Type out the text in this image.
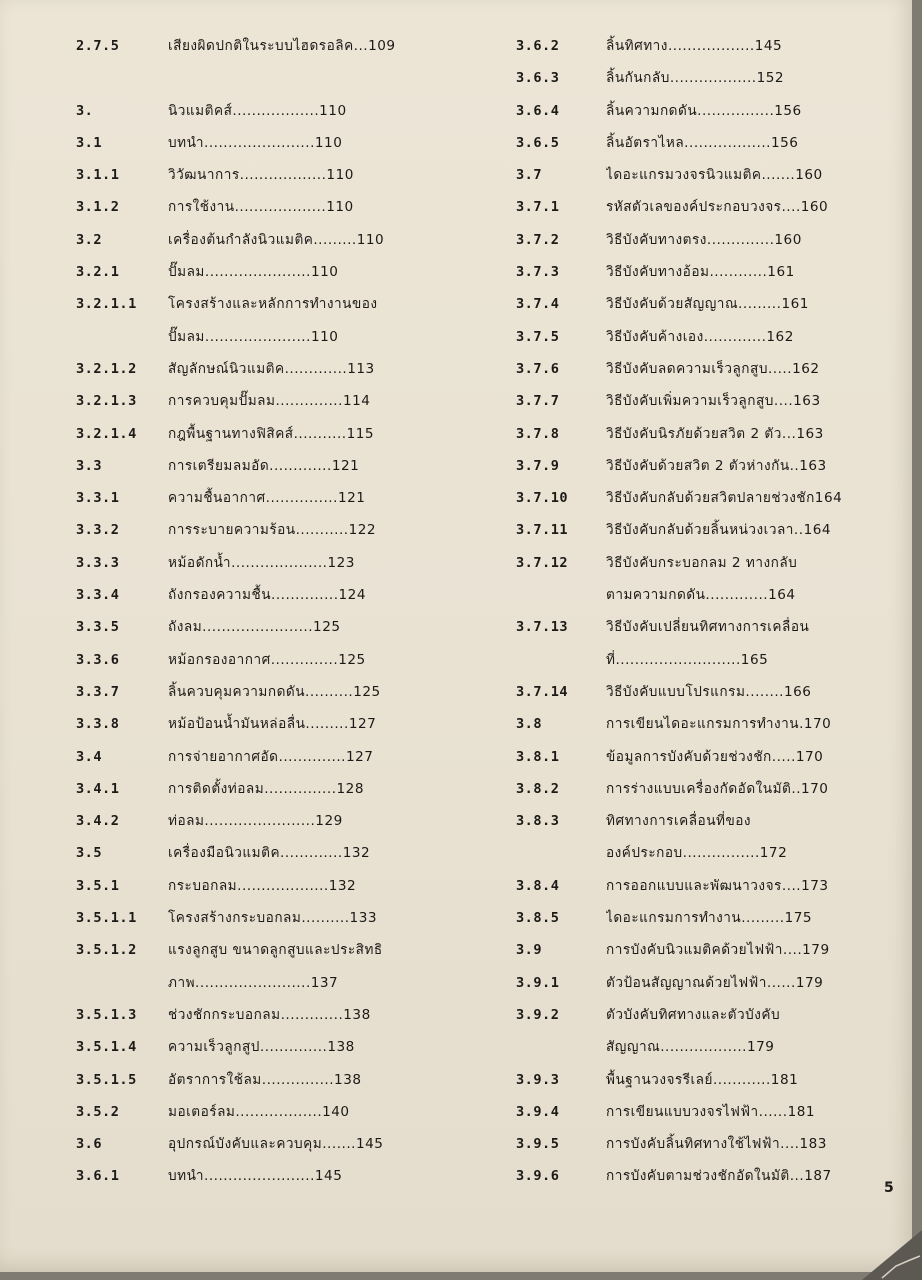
2.7.5	เสียงผิดปกติในระบบไฮดรอลิค...109
3.	นิวแมติคส์..................110
3.1	บทนำ.......................110
3.1.1	วิวัฒนาการ..................110
3.1.2	การใช้งาน...................110
3.2	เครื่องต้นกำลังนิวแมติค.........110
3.2.1	ปั๊มลม......................110
3.2.1.1	โครงสร้างและหลักการทำงานของ
ปั๊มลม......................110
3.2.1.2	สัญลักษณ์นิวแมติค.............113
3.2.1.3	การควบคุมปั๊มลม..............114
3.2.1.4	กฎพื้นฐานทางฟิสิคส์...........115
3.3	การเตรียมลมอัด.............121
3.3.1	ความชื้นอากาศ...............121
3.3.2	การระบายความร้อน...........122
3.3.3	หม้อดักน้ำ....................123
3.3.4	ถังกรองความชื้น..............124
3.3.5	ถังลม.......................125
3.3.6	หม้อกรองอากาศ..............125
3.3.7	ลิ้นควบคุมความกดดัน..........125
3.3.8	หม้อป้อนน้ำมันหล่อลื่น.........127
3.4	การจ่ายอากาศอัด..............127
3.4.1	การติดตั้งท่อลม...............128
3.4.2	ท่อลม.......................129
3.5	เครื่องมือนิวแมติค.............132
3.5.1	กระบอกลม...................132
3.5.1.1	โครงสร้างกระบอกลม..........133
3.5.1.2	แรงลูกสูบ ขนาดลูกสูบและประสิทธิ
ภาพ........................137
3.5.1.3	ช่วงชักกระบอกลม.............138
3.5.1.4	ความเร็วลูกสูป..............138
3.5.1.5	อัตราการใช้ลม...............138
3.5.2	มอเตอร์ลม..................140
3.6	อุปกรณ์บังคับและควบคุม.......145
3.6.1	บทนำ.......................145
3.6.2	ลิ้นทิศทาง..................145
3.6.3	ลิ้นกันกลับ..................152
3.6.4	ลิ้นความกดดัน................156
3.6.5	ลิ้นอัตราไหล..................156
3.7	ไดอะแกรมวงจรนิวแมติค.......160
3.7.1	รหัสตัวเลของค์ประกอบวงจร....160
3.7.2	วิธีบังคับทางตรง..............160
3.7.3	วิธีบังคับทางอ้อม............161
3.7.4	วิธีบังคับด้วยสัญญาณ.........161
3.7.5	วิธีบังคับค้างเอง.............162
3.7.6	วิธีบังคับลดความเร็วลูกสูบ.....162
3.7.7	วิธีบังคับเพิ่มความเร็วลูกสูบ....163
3.7.8	วิธีบังคับนิรภัยด้วยสวิต 2 ตัว...163
3.7.9	วิธีบังคับด้วยสวิต 2 ตัวห่างกัน..163
3.7.10	วิธีบังคับกลับด้วยสวิตปลายช่วงชัก164
3.7.11	วิธีบังคับกลับด้วยลิ้นหน่วงเวลา..164
3.7.12	วิธีบังคับกระบอกลม 2 ทางกลับ
ตามความกดดัน.............164
3.7.13	วิธีบังคับเปลี่ยนทิศทางการเคลื่อน
ที่..........................165
3.7.14	วิธีบังคับแบบโปรแกรม........166
3.8	การเขียนไดอะแกรมการทำงาน.170
3.8.1	ข้อมูลการบังคับด้วยช่วงชัก.....170
3.8.2	การร่างแบบเครื่องกัดอัดในมัติ..170
3.8.3	ทิศทางการเคลื่อนที่ของ
องค์ประกอบ................172
3.8.4	การออกแบบและพัฒนาวงจร....173
3.8.5	ไดอะแกรมการทำงาน.........175
3.9	การบังคับนิวแมติคด้วยไฟฟ้า....179
3.9.1	ตัวป้อนสัญญาณด้วยไฟฟ้า......179
3.9.2	ตัวบังคับทิศทางและตัวบังคับ
สัญญาณ..................179
3.9.3	พื้นฐานวงจรรีเลย์............181
3.9.4	การเขียนแบบวงจรไฟฟ้า......181
3.9.5	การบังคับลิ้นทิศทางใช้ไฟฟ้า....183
3.9.6	การบังคับตามช่วงชักอัดในมัติ...187
5
